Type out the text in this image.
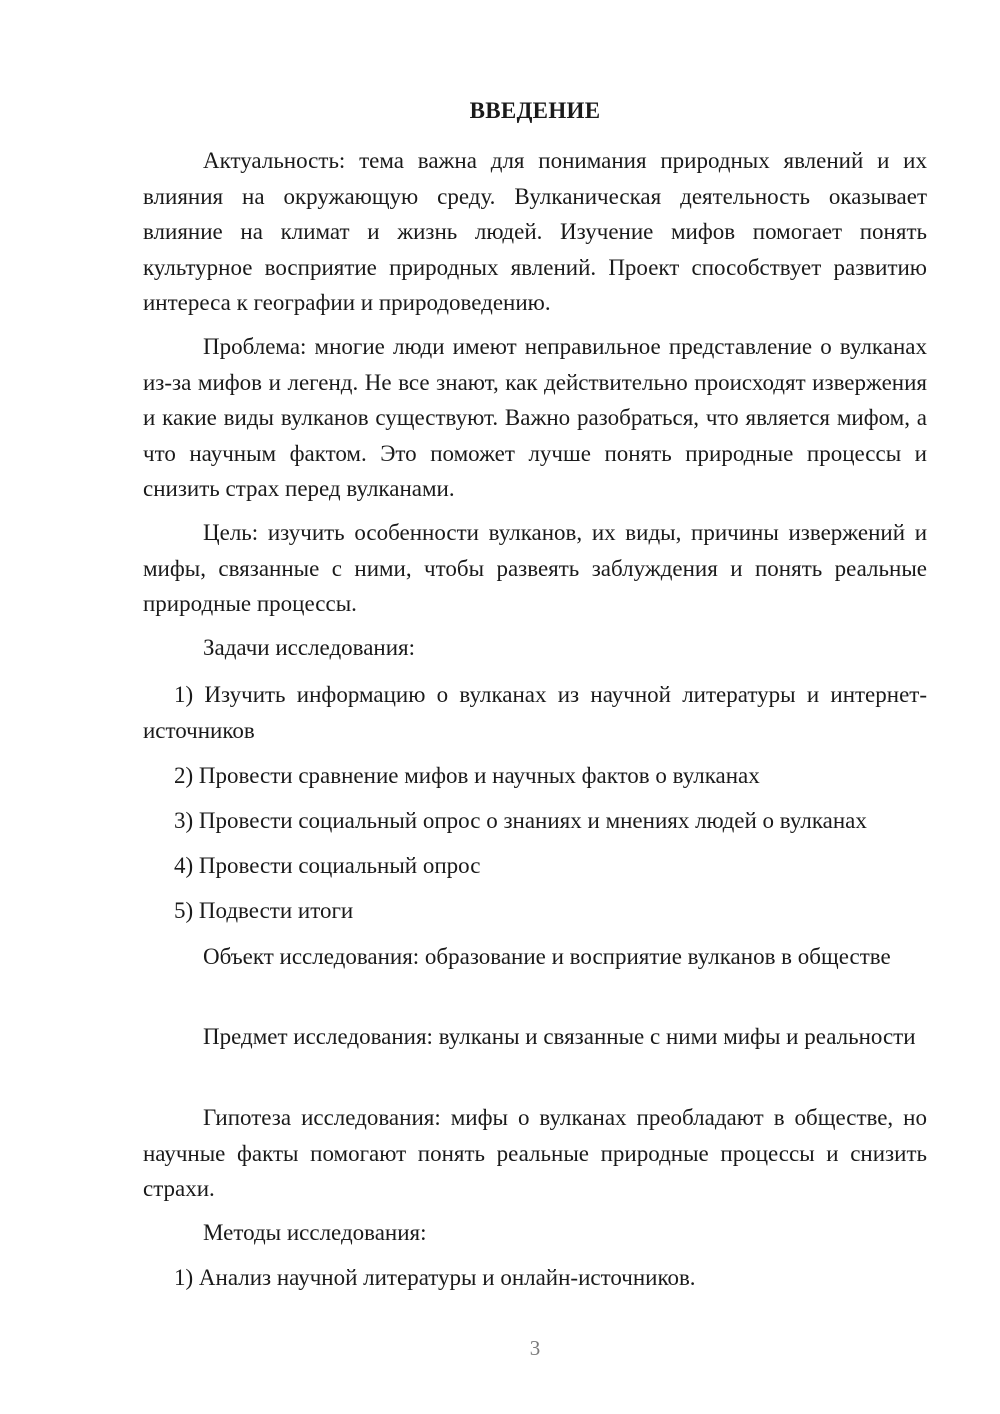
ВВЕДЕНИЕ

Актуальность: тема важна для понимания природных явлений и их влияния на окружающую среду. Вулканическая деятельность оказывает влияние на климат и жизнь людей. Изучение мифов помогает понять культурное восприятие природных явлений. Проект способствует развитию интереса к географии и природоведению.

Проблема: многие люди имеют неправильное представление о вулканах из-за мифов и легенд. Не все знают, как действительно происходят извержения и какие виды вулканов существуют. Важно разобраться, что является мифом, а что научным фактом. Это поможет лучше понять природные процессы и снизить страх перед вулканами.

Цель: изучить особенности вулканов, их виды, причины извержений и мифы, связанные с ними, чтобы развеять заблуждения и понять реальные природные процессы.

Задачи исследования:

1) Изучить информацию о вулканах из научной литературы и интернет-источников

2) Провести сравнение мифов и научных фактов о вулканах

3) Провести социальный опрос о знаниях и мнениях людей о вулканах

4) Провести социальный опрос

5) Подвести итоги

Объект исследования: образование и восприятие вулканов в обществе

Предмет исследования: вулканы и связанные с ними мифы и реальности

Гипотеза исследования: мифы о вулканах преобладают в обществе, но научные факты помогают понять реальные природные процессы и снизить страхи.

Методы исследования:

1) Анализ научной литературы и онлайн-источников.

3
